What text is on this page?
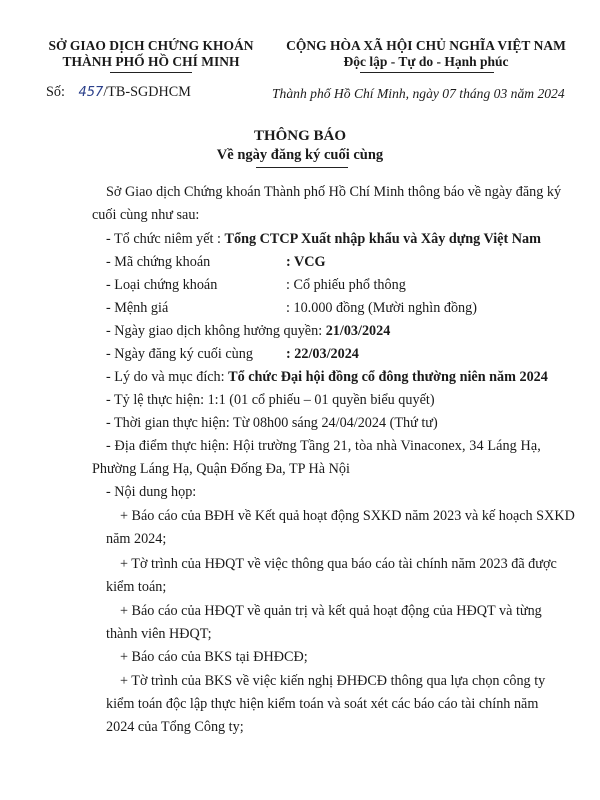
SỞ GIAO DỊCH CHỨNG KHOÁN
THÀNH PHỐ HỒ CHÍ MINH
Số: 457/TB-SGDHCM
CỘNG HÒA XÃ HỘI CHỦ NGHĨA VIỆT NAM
Độc lập - Tự do - Hạnh phúc
Thành phố Hồ Chí Minh, ngày 07 tháng 03 năm 2024
THÔNG BÁO
Về ngày đăng ký cuối cùng
Sở Giao dịch Chứng khoán Thành phố Hồ Chí Minh thông báo về ngày đăng ký
cuối cùng như sau:
- Tổ chức niêm yết : Tổng CTCP Xuất nhập khẩu và Xây dựng Việt Nam
- Mã chứng khoán	: VCG
- Loại chứng khoán	: Cổ phiếu phổ thông
- Mệnh giá	: 10.000 đồng (Mười nghìn đồng)
- Ngày giao dịch không hưởng quyền: 21/03/2024
- Ngày đăng ký cuối cùng : 22/03/2024
- Lý do và mục đích: Tổ chức Đại hội đồng cổ đông thường niên năm 2024
- Tỷ lệ thực hiện: 1:1 (01 cổ phiếu – 01 quyền biểu quyết)
- Thời gian thực hiện: Từ 08h00 sáng 24/04/2024 (Thứ tư)
- Địa điểm thực hiện: Hội trường Tầng 21, tòa nhà Vinaconex, 34 Láng Hạ,
Phường Láng Hạ, Quận Đống Đa, TP Hà Nội
- Nội dung họp:
+ Báo cáo của BĐH về Kết quả hoạt động SXKD năm 2023 và kế hoạch SXKD
năm 2024;
+ Tờ trình của HĐQT về việc thông qua báo cáo tài chính năm 2023 đã được
kiểm toán;
+ Báo cáo của HĐQT về quản trị và kết quả hoạt động của HĐQT và từng
thành viên HĐQT;
+ Báo cáo của BKS tại ĐHĐCĐ;
+ Tờ trình của BKS về việc kiến nghị ĐHĐCĐ thông qua lựa chọn công ty
kiểm toán độc lập thực hiện kiểm toán và soát xét các báo cáo tài chính năm
2024 của Tổng Công ty;
